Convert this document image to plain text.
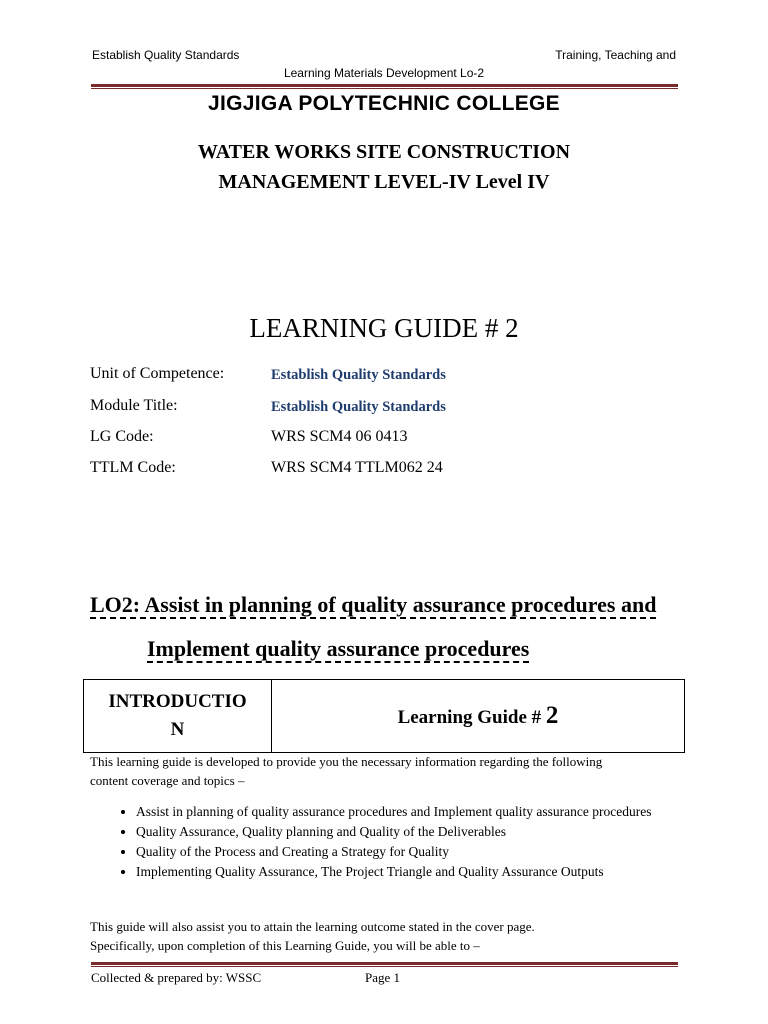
Establish Quality Standards	Training, Teaching and
Learning Materials Development Lo-2
JIGJIGA POLYTECHNIC COLLEGE
WATER WORKS SITE CONSTRUCTION
MANAGEMENT LEVEL-IV Level IV
LEARNING GUIDE # 2
Unit of Competence:	Establish Quality Standards
Module Title:	Establish Quality Standards
LG Code:	WRS SCM4 06 0413
TTLM Code:	WRS SCM4 TTLM062 24
LO2: Assist in planning of quality assurance procedures and
Implement quality assurance procedures
INTRODUCTIO
N
	Learning Guide # 2
This learning guide is developed to provide you the necessary information regarding the following
content coverage and topics –
• Assist in planning of quality assurance procedures and Implement quality assurance procedures
• Quality Assurance, Quality planning and Quality of the Deliverables
• Quality of the Process and Creating a Strategy for Quality
• Implementing Quality Assurance, The Project Triangle and Quality Assurance Outputs
This guide will also assist you to attain the learning outcome stated in the cover page.
Specifically, upon completion of this Learning Guide, you will be able to –
Collected & prepared by: WSSC	Page 1
